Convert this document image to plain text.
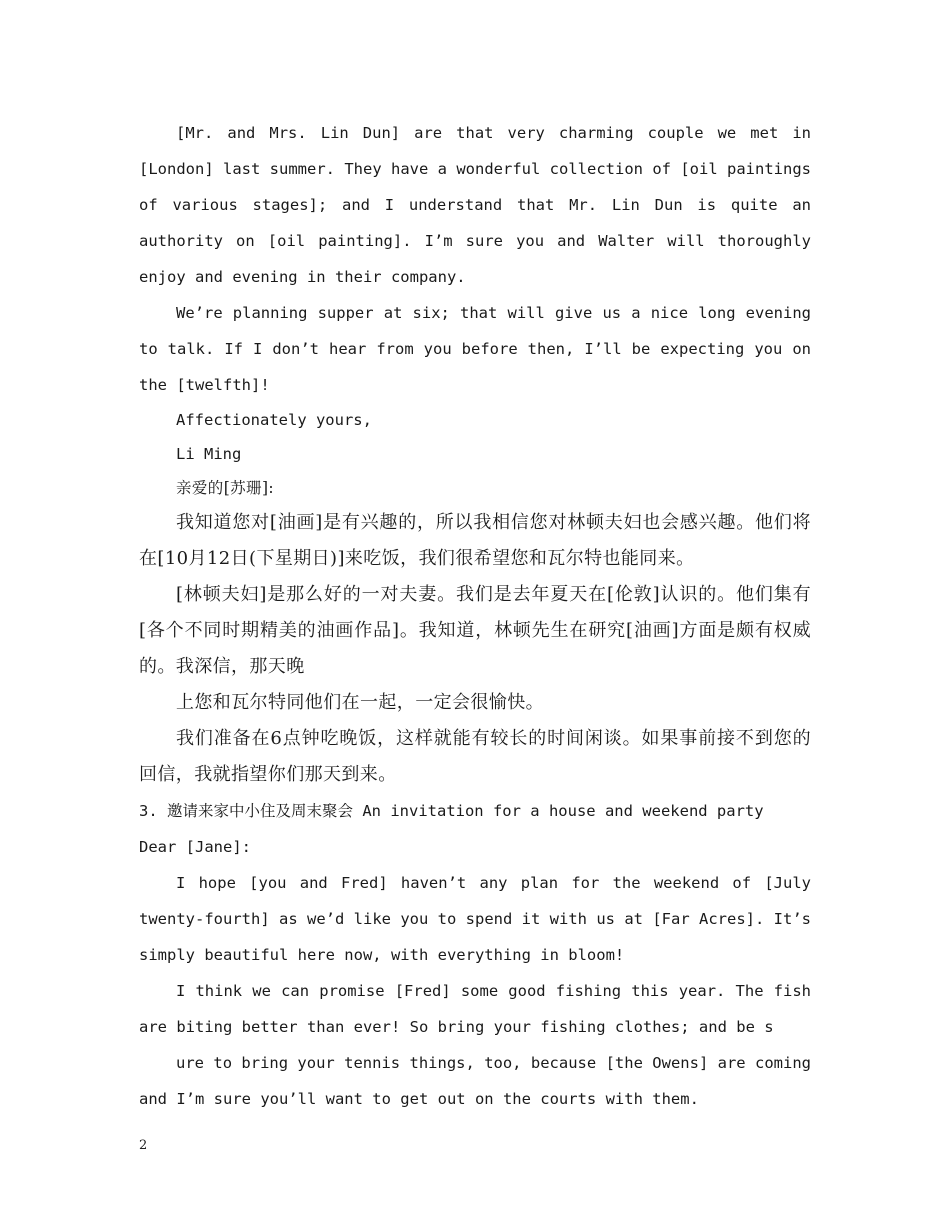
[Mr. and Mrs. Lin Dun] are that very charming couple we met in [London] last summer. They have a wonderful collection of [oil paintings of various stages]; and I understand that Mr. Lin Dun is quite an authority on [oil painting]. I’m sure you and Walter will thoroughly enjoy and evening in their company.

We’re planning supper at six; that will give us a nice long evening to talk. If I don’t hear from you before then, I’ll be expecting you on the [twelfth]!

Affectionately yours,

Li Ming

亲爱的[苏珊]:

我知道您对[油画]是有兴趣的，所以我相信您对林顿夫妇也会感兴趣。他们将在[10月12日(下星期日)]来吃饭，我们很希望您和瓦尔特也能同来。

[林顿夫妇]是那么好的一对夫妻。我们是去年夏天在[伦敦]认识的。他们集有[各个不同时期精美的油画作品]。我知道，林顿先生在研究[油画]方面是颇有权威的。我深信，那天晚

上您和瓦尔特同他们在一起，一定会很愉快。

我们准备在6点钟吃晚饭，这样就能有较长的时间闲谈。如果事前接不到您的回信，我就指望你们那天到来。

3. 邀请来家中小住及周末聚会 An invitation for a house and weekend party

Dear [Jane]:

I hope [you and Fred] haven’t any plan for the weekend of [July twenty-fourth] as we’d like you to spend it with us at [Far Acres]. It’s simply beautiful here now, with everything in bloom!

I think we can promise [Fred] some good fishing this year. The fish are biting better than ever! So bring your fishing clothes; and be s

ure to bring your tennis things, too, because [the Owens] are coming and I’m sure you’ll want to get out on the courts with them.

2
